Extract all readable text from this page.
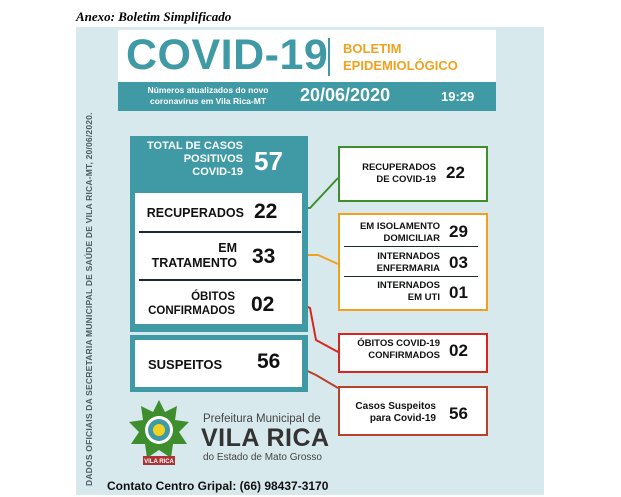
Anexo: Boletim Simplificado
DADOS OFICIAIS DA SECRETARIA MUNICIPAL DE SAÚDE DE VILA RICA-MT, 20/06/2020.
COVID-19 BOLETIM
EPIDEMIOLÓGICO
Números atualizados do novo
coronavírus em Vila Rica-MT	20/06/2020	19:29
TOTAL DE CASOS
POSITIVOS
COVID-19 57
RECUPERADOS 22
EM
TRATAMENTO 33
ÓBITOS
CONFIRMADOS 02
SUSPEITOS	56
RECUPERADOS
DE COVID-19 22
EM ISOLAMENTO
DOMICILIAR 29
INTERNADOS
ENFERMARIA 03
INTERNADOS
EM UTI 01
ÓBITOS COVID-19
CONFIRMADOS 02
Casos Suspeitos
para Covid-19 56
VILA RICA
Prefeitura Municipal de
VILA RICA
do Estado de Mato Grosso
Contato Centro Gripal: (66) 98437-3170
